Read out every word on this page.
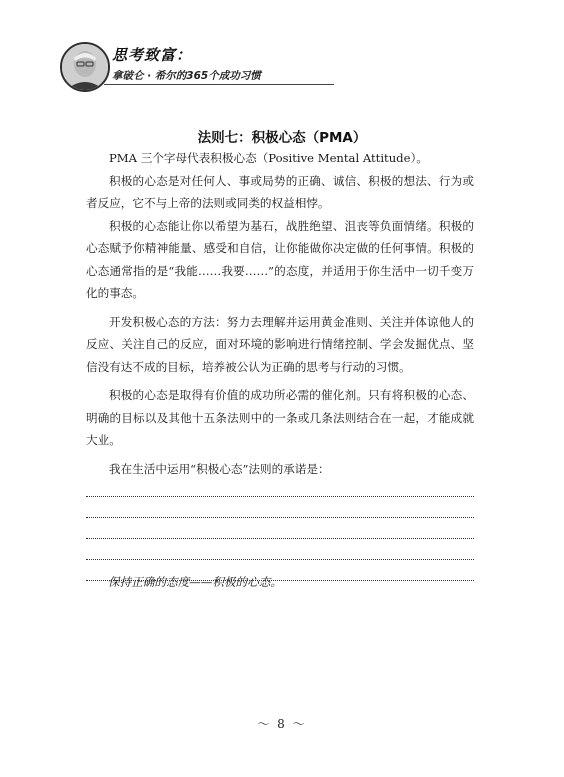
思考致富：
拿破仑 · 希尔的365个成功习惯
法则七：积极心态（PMA）

PMA 三个字母代表积极心态（Positive Mental Attitude）。

积极的心态是对任何人、事或局势的正确、诚信、积极的想法、行为或者反应，它不与上帝的法则或同类的权益相悖。

积极的心态能让你以希望为基石，战胜绝望、沮丧等负面情绪。积极的心态赋予你精神能量、感受和自信，让你能做你决定做的任何事情。积极的心态通常指的是“我能……我要……”的态度，并适用于你生活中一切千变万化的事态。

开发积极心态的方法：努力去理解并运用黄金准则、关注并体谅他人的反应、关注自己的反应，面对环境的影响进行情绪控制、学会发掘优点、坚信没有达不成的目标，培养被公认为正确的思考与行动的习惯。

积极的心态是取得有价值的成功所必需的催化剂。只有将积极的心态、明确的目标以及其他十五条法则中的一条或几条法则结合在一起，才能成就大业。

我在生活中运用“积极心态”法则的承诺是：

保持正确的态度——积极的心态。
～ 8 ～
